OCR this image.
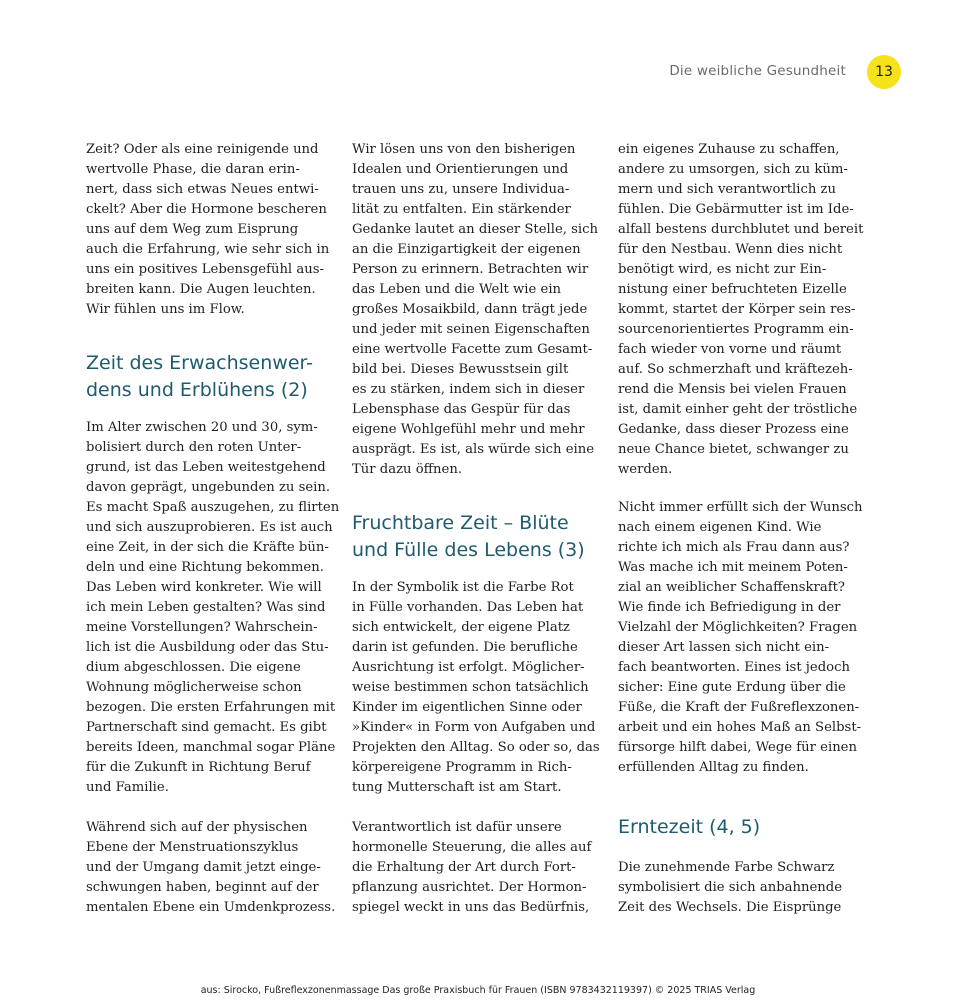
Die weibliche Gesundheit	13
Zeit? Oder als eine reinigende und
wertvolle Phase, die daran erin-
nert, dass sich etwas Neues entwi-
ckelt? Aber die Hormone bescheren
uns auf dem Weg zum Eisprung
auch die Erfahrung, wie sehr sich in
uns ein positives Lebensgefühl aus-
breiten kann. Die Augen leuchten.
Wir fühlen uns im Flow.
Zeit des Erwachsenwer-
dens und Erblühens (2)
Im Alter zwischen 20 und 30, sym-
bolisiert durch den roten Unter-
grund, ist das Leben weitestgehend
davon geprägt, ungebunden zu sein.
Es macht Spaß auszugehen, zu flirten
und sich auszuprobieren. Es ist auch
eine Zeit, in der sich die Kräfte bün-
deln und eine Richtung bekommen.
Das Leben wird konkreter. Wie will
ich mein Leben gestalten? Was sind
meine Vorstellungen? Wahrschein-
lich ist die Ausbildung oder das Stu-
dium abgeschlossen. Die eigene
Wohnung möglicherweise schon
bezogen. Die ersten Erfahrungen mit
Partnerschaft sind gemacht. Es gibt
bereits Ideen, manchmal sogar Pläne
für die Zukunft in Richtung Beruf
und Familie.
Während sich auf der physischen
Ebene der Menstruationszyklus
und der Umgang damit jetzt einge-
schwungen haben, beginnt auf der
mentalen Ebene ein Umdenkprozess.
Wir lösen uns von den bisherigen
Idealen und Orientierungen und
trauen uns zu, unsere Individua-
lität zu entfalten. Ein stärkender
Gedanke lautet an dieser Stelle, sich
an die Einzigartigkeit der eigenen
Person zu erinnern. Betrachten wir
das Leben und die Welt wie ein
großes Mosaikbild, dann trägt jede
und jeder mit seinen Eigenschaften
eine wertvolle Facette zum Gesamt-
bild bei. Dieses Bewusstsein gilt
es zu stärken, indem sich in dieser
Lebensphase das Gespür für das
eigene Wohlgefühl mehr und mehr
ausprägt. Es ist, als würde sich eine
Tür dazu öffnen.
Fruchtbare Zeit – Blüte
und Fülle des Lebens (3)
In der Symbolik ist die Farbe Rot
in Fülle vorhanden. Das Leben hat
sich entwickelt, der eigene Platz
darin ist gefunden. Die berufliche
Ausrichtung ist erfolgt. Möglicher-
weise bestimmen schon tatsächlich
Kinder im eigentlichen Sinne oder
»Kinder« in Form von Aufgaben und
Projekten den Alltag. So oder so, das
körpereigene Programm in Rich-
tung Mutterschaft ist am Start.
Verantwortlich ist dafür unsere
hormonelle Steuerung, die alles auf
die Erhaltung der Art durch Fort-
pflanzung ausrichtet. Der Hormon-
spiegel weckt in uns das Bedürfnis,
ein eigenes Zuhause zu schaffen,
andere zu umsorgen, sich zu küm-
mern und sich verantwortlich zu
fühlen. Die Gebärmutter ist im Ide-
alfall bestens durchblutet und bereit
für den Nestbau. Wenn dies nicht
benötigt wird, es nicht zur Ein-
nistung einer befruchteten Eizelle
kommt, startet der Körper sein res-
sourcenorientiertes Programm ein-
fach wieder von vorne und räumt
auf. So schmerzhaft und kräftezeh-
rend die Mensis bei vielen Frauen
ist, damit einher geht der tröstliche
Gedanke, dass dieser Prozess eine
neue Chance bietet, schwanger zu
werden.
Nicht immer erfüllt sich der Wunsch
nach einem eigenen Kind. Wie
richte ich mich als Frau dann aus?
Was mache ich mit meinem Poten-
zial an weiblicher Schaffenskraft?
Wie finde ich Befriedigung in der
Vielzahl der Möglichkeiten? Fragen
dieser Art lassen sich nicht ein-
fach beantworten. Eines ist jedoch
sicher: Eine gute Erdung über die
Füße, die Kraft der Fußreflexzonen-
arbeit und ein hohes Maß an Selbst-
fürsorge hilft dabei, Wege für einen
erfüllenden Alltag zu finden.
Erntezeit (4, 5)
Die zunehmende Farbe Schwarz
symbolisiert die sich anbahnende
Zeit des Wechsels. Die Eisprünge
aus: Sirocko, Fußreflexzonenmassage Das große Praxisbuch für Frauen (ISBN 9783432119397) © 2025 TRIAS Verlag
